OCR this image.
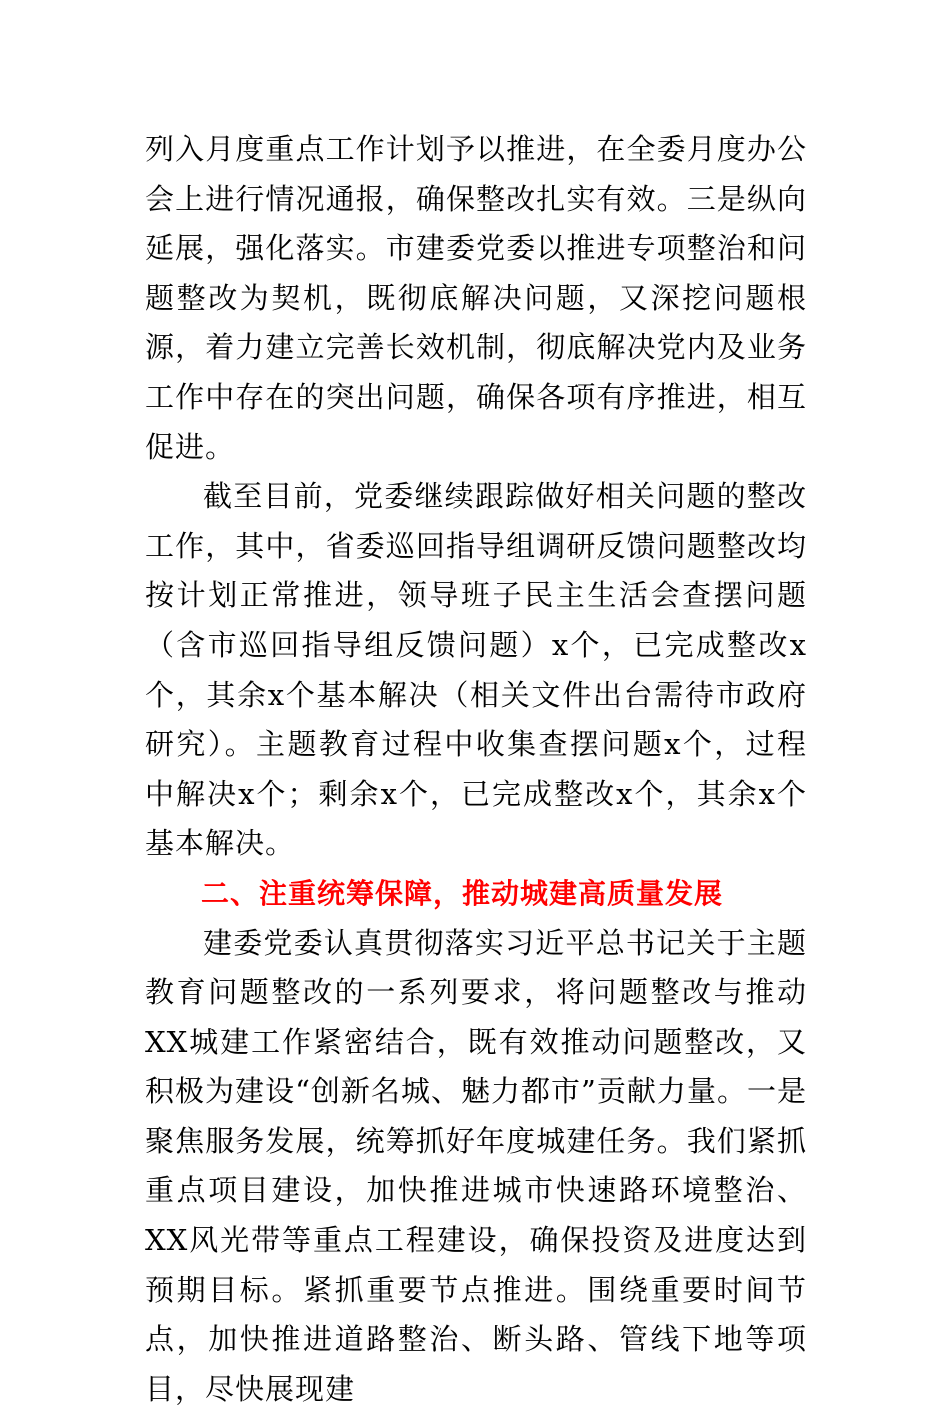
列入月度重点工作计划予以推进，在全委月度办公会上进行情况通报，确保整改扎实有效。三是纵向延展，强化落实。市建委党委以推进专项整治和问题整改为契机，既彻底解决问题，又深挖问题根源，着力建立完善长效机制，彻底解决党内及业务工作中存在的突出问题，确保各项有序推进，相互促进。

截至目前，党委继续跟踪做好相关问题的整改工作，其中，省委巡回指导组调研反馈问题整改均按计划正常推进，领导班子民主生活会查摆问题（含市巡回指导组反馈问题）x个，已完成整改x个，其余x个基本解决（相关文件出台需待市政府研究）。主题教育过程中收集查摆问题x个，过程中解决x个；剩余x个，已完成整改x个，其余x个基本解决。

二、注重统筹保障，推动城建高质量发展

建委党委认真贯彻落实习近平总书记关于主题教育问题整改的一系列要求，将问题整改与推动XX城建工作紧密结合，既有效推动问题整改，又积极为建设“创新名城、魅力都市”贡献力量。一是聚焦服务发展，统筹抓好年度城建任务。我们紧抓重点项目建设，加快推进城市快速路环境整治、XX风光带等重点工程建设，确保投资及进度达到预期目标。紧抓重要节点推进。围绕重要时间节点，加快推进道路整治、断头路、管线下地等项目，尽快展现建
